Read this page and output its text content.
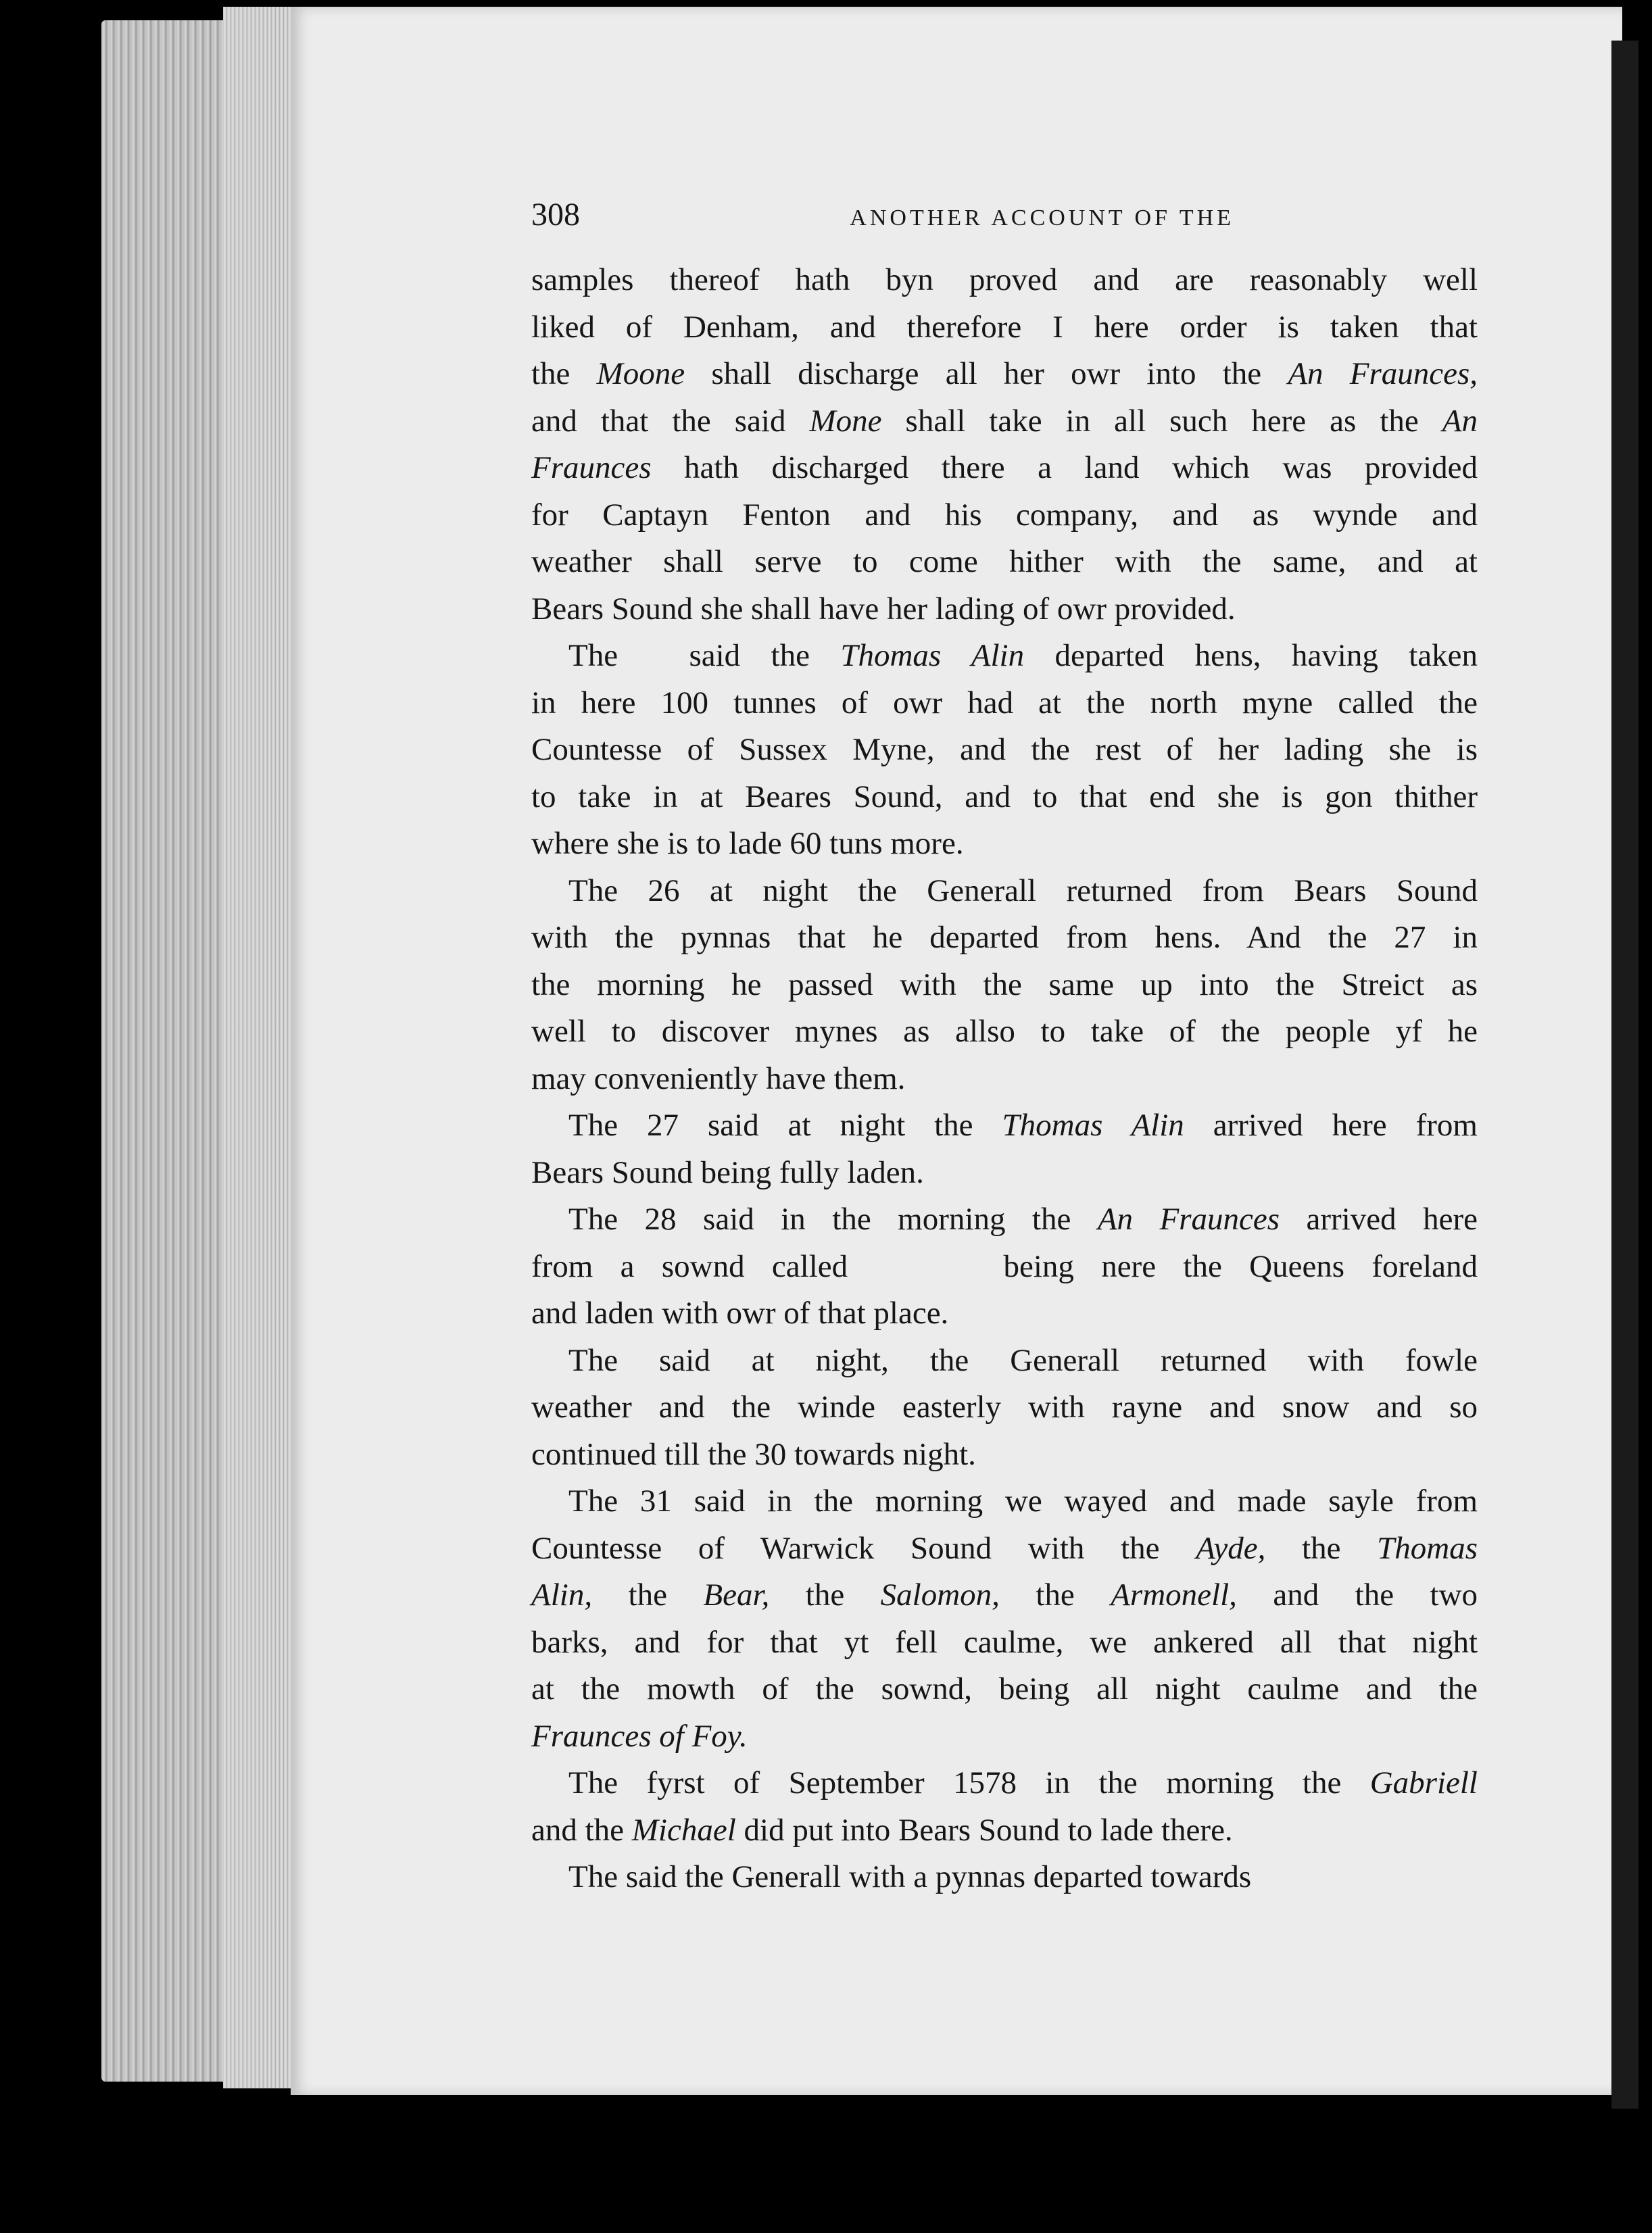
308	ANOTHER ACCOUNT OF THE
samples thereof hath byn proved and are reasonably well
liked of Denham, and therefore I here order is taken that
the Moone shall discharge all her owr into the An Fraunces,
and that the said Mone shall take in all such here as the An
Fraunces hath discharged there a land which was provided
for Captayn Fenton and his company, and as wynde and
weather shall serve to come hither with the same, and at
Bears Sound she shall have her lading of owr provided.
The said the Thomas Alin departed hens, having taken
in here 100 tunnes of owr had at the north myne called the
Countesse of Sussex Myne, and the rest of her lading she is
to take in at Beares Sound, and to that end she is gon thither
where she is to lade 60 tuns more.
The 26 at night the Generall returned from Bears Sound
with the pynnas that he departed from hens. And the 27 in
the morning he passed with the same up into the Streict as
well to discover mynes as allso to take of the people yf he
may conveniently have them.
The 27 said at night the Thomas Alin arrived here from
Bears Sound being fully laden.
The 28 said in the morning the An Fraunces arrived here
from a sownd called	being nere the Queens foreland
and laden with owr of that place.
The said at night, the Generall returned with fowle
weather and the winde easterly with rayne and snow and so
continued till the 30 towards night.
The 31 said in the morning we wayed and made sayle from
Countesse of Warwick Sound with the Ayde, the Thomas
Alin, the Bear, the Salomon, the Armonell, and the two
barks, and for that yt fell caulme, we ankered all that night
at the mowth of the sownd, being all night caulme and the
Fraunces of Foy.
The fyrst of September 1578 in the morning the Gabriell
and the Michael did put into Bears Sound to lade there.
The said the Generall with a pynnas departed towards
